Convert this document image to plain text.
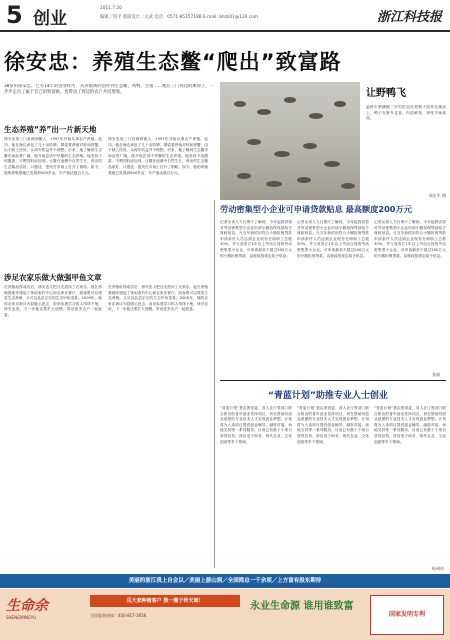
5 创业
2011.7.20
编辑／钮平 版面设计／文武 电话：0571-85157188 E-mail: bhzk01@126.com	浙江科技报
徐安忠：养殖生态鳖“爬出”致富路
让野鸭飞
温岭市箬横镇三甲村的农民将鸭子放养在滩涂上，鸭子在野外觅食，肉质鲜美，深受市场欢迎。
周宏军 摄
38岁的徐安忠，已有14年的创业经历，从养殖场的创办到生态鳖、鸡鸭、生猪……他在三门湾边的滩涂上，一步步走出了属于自己的致富路，也带动了周边的农户共同增收。
生态养殖“养”出一片新天地
徐安忠是三门县海润镇人，1997年开始从事水产养殖。起初，他在海边承包了几十亩的塘，摸索着养殖对虾和青蟹，由于缺乏经验，头两年收益并不理想。后来，他了解到生态鳖市场前景广阔，便开始尝试中华鳖的生态养殖。他坚持不用激素、不喂饲料添加剂，让鳖在池塘中自然生长，养出的生态鳖品质好、口感佳，很快在市场上打开了销路。如今，他的养殖基地已发展到500多亩，年产值达数百万元。
徐安忠是三门县海润镇人，1997年开始从事水产养殖。起初，他在海边承包了几十亩的塘，摸索着养殖对虾和青蟹，由于缺乏经验，头两年收益并不理想。后来，他了解到生态鳖市场前景广阔，便开始尝试中华鳖的生态养殖。他坚持不用激素、不喂饲料添加剂，让鳖在池塘中自然生长，养出的生态鳖品质好、口感佳，很快在市场上打开了销路。如今，他的养殖基地已发展到500多亩，年产值达数百万元。
涉足农家乐做大做强甲鱼文章
在养殖取得成功后，徐安忠又把目光投向了农家乐。他在养殖基地旁建起了休闲垂钓中心和农家乐餐厅，游客既可以观赏生态养殖，又可以品尝正宗的生态甲鱼菜肴。2009年，他的农家乐被评为县级示范点，前来参观学习的人络绎不绝。徐安忠说，下一步他还要扩大规模，带动更多农户一起致富。
在养殖取得成功后，徐安忠又把目光投向了农家乐。他在养殖基地旁建起了休闲垂钓中心和农家乐餐厅，游客既可以观赏生态养殖，又可以品尝正宗的生态甲鱼菜肴。2009年，他的农家乐被评为县级示范点，前来参观学习的人络绎不绝。徐安忠说，下一步他还要扩大规模，带动更多农户一起致富。
劳动密集型小企业可申请贷款贴息 最高额度200万元
记者从省人力社保厅了解到，今年起我省将对劳动密集型小企业申请小额担保贷款给予财政贴息。凡当年新招用符合小额担保贷款申请条件人员达到企业现有在职职工总数30%、并与其签订1年以上劳动合同的劳动密集型小企业，可申请最高不超过200万元的小额担保贷款，由财政按规定给予贴息。
记者从省人力社保厅了解到，今年起我省将对劳动密集型小企业申请小额担保贷款给予财政贴息。凡当年新招用符合小额担保贷款申请条件人员达到企业现有在职职工总数30%、并与其签订1年以上劳动合同的劳动密集型小企业，可申请最高不超过200万元的小额担保贷款，由财政按规定给予贴息。
记者从省人力社保厅了解到，今年起我省将对劳动密集型小企业申请小额担保贷款给予财政贴息。凡当年新招用符合小额担保贷款申请条件人员达到企业现有在职职工总数30%、并与其签订1年以上劳动合同的劳动密集型小企业，可申请最高不超过200万元的小额担保贷款，由财政按规定给予贴息。
张丽
“青蓝计划”助推专业人士创业
“青蓝计划”是由团省委、省人社厅等部门联合推出的青年创业扶持项目，旨在帮助有创业意愿的专业技术人才实现创业梦想。计划将为入选项目提供创业辅导、融资对接、场地支持等一系列服务，目前已有数十个项目获得扶持，涉及电子商务、现代农业、文化创意等多个领域。
“青蓝计划”是由团省委、省人社厅等部门联合推出的青年创业扶持项目，旨在帮助有创业意愿的专业技术人才实现创业梦想。计划将为入选项目提供创业辅导、融资对接、场地支持等一系列服务，目前已有数十个项目获得扶持，涉及电子商务、现代农业、文化创意等多个领域。
“青蓝计划”是由团省委、省人社厅等部门联合推出的青年创业扶持项目，旨在帮助有创业意愿的专业技术人才实现创业梦想。计划将为入选项目提供创业辅导、融资对接、场地支持等一系列服务，目前已有数十个项目获得扶持，涉及电子商务、现代农业、文化创意等多个领域。
杭州站
美丽的浙江我上自会以／美丽上游山涧／全国简总一千余项／上方富有股东期待
生命余
SHENGMINGYU
瓜大家种植客户 独一圈子传天域！
全国服务热线：400-817-3656
永业生命源 谁用谁致富
国家发明专利
